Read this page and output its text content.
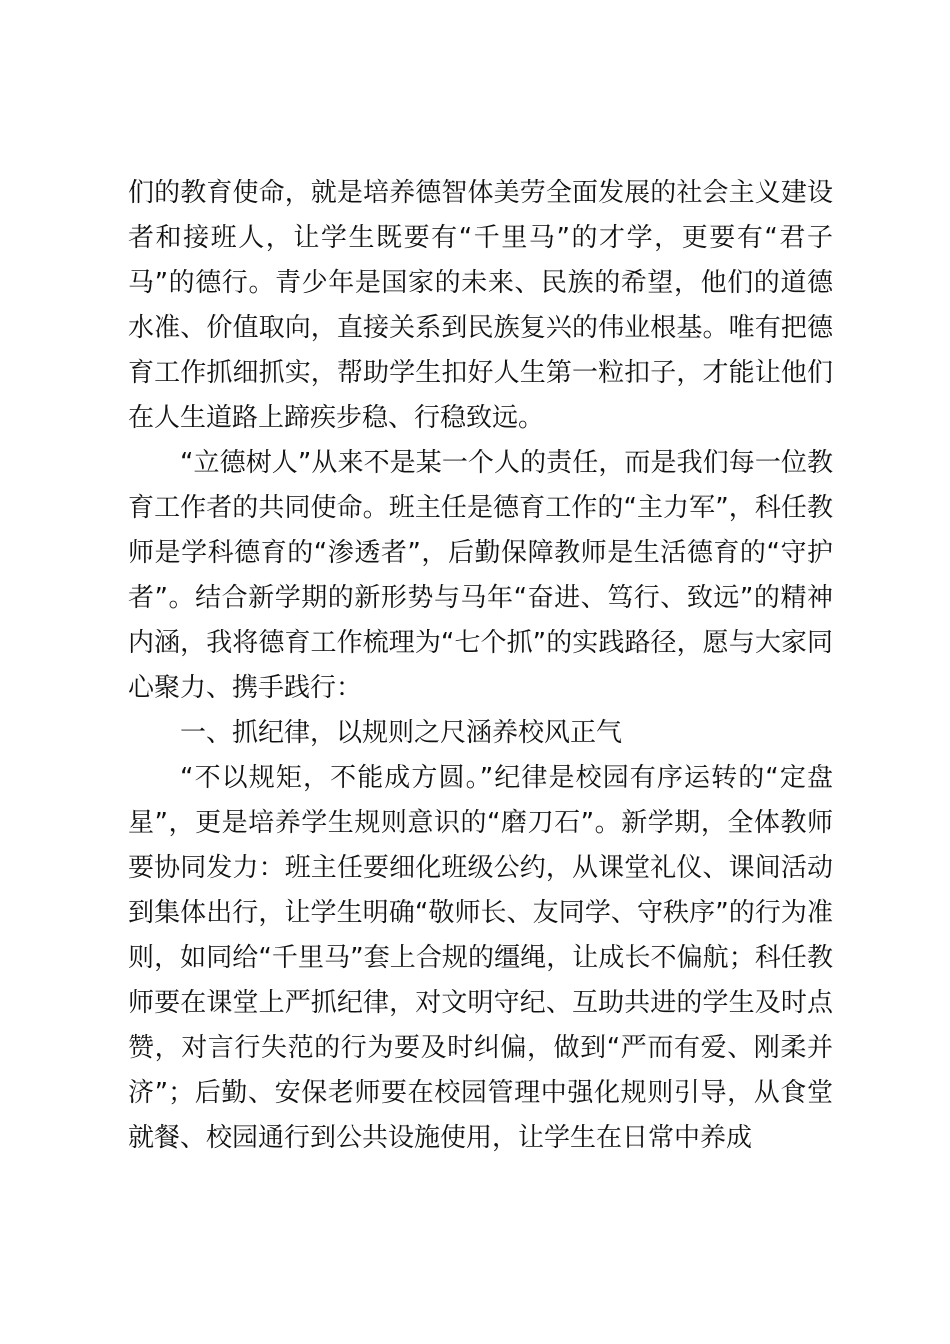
们的教育使命，就是培养德智体美劳全面发展的社会主义建设者和接班人，让学生既要有“千里马”的才学，更要有“君子马”的德行。青少年是国家的未来、民族的希望，他们的道德水准、价值取向，直接关系到民族复兴的伟业根基。唯有把德育工作抓细抓实，帮助学生扣好人生第一粒扣子，才能让他们在人生道路上蹄疾步稳、行稳致远。

“立德树人”从来不是某一个人的责任，而是我们每一位教育工作者的共同使命。班主任是德育工作的“主力军”，科任教师是学科德育的“渗透者”，后勤保障教师是生活德育的“守护者”。结合新学期的新形势与马年“奋进、笃行、致远”的精神内涵，我将德育工作梳理为“七个抓”的实践路径，愿与大家同心聚力、携手践行：

一、抓纪律，以规则之尺涵养校风正气

“不以规矩，不能成方圆。”纪律是校园有序运转的“定盘星”，更是培养学生规则意识的“磨刀石”。新学期，全体教师要协同发力：班主任要细化班级公约，从课堂礼仪、课间活动到集体出行，让学生明确“敬师长、友同学、守秩序”的行为准则，如同给“千里马”套上合规的缰绳，让成长不偏航；科任教师要在课堂上严抓纪律，对文明守纪、互助共进的学生及时点赞，对言行失范的行为要及时纠偏，做到“严而有爱、刚柔并济”；后勤、安保老师要在校园管理中强化规则引导，从食堂就餐、校园通行到公共设施使用，让学生在日常中养成
